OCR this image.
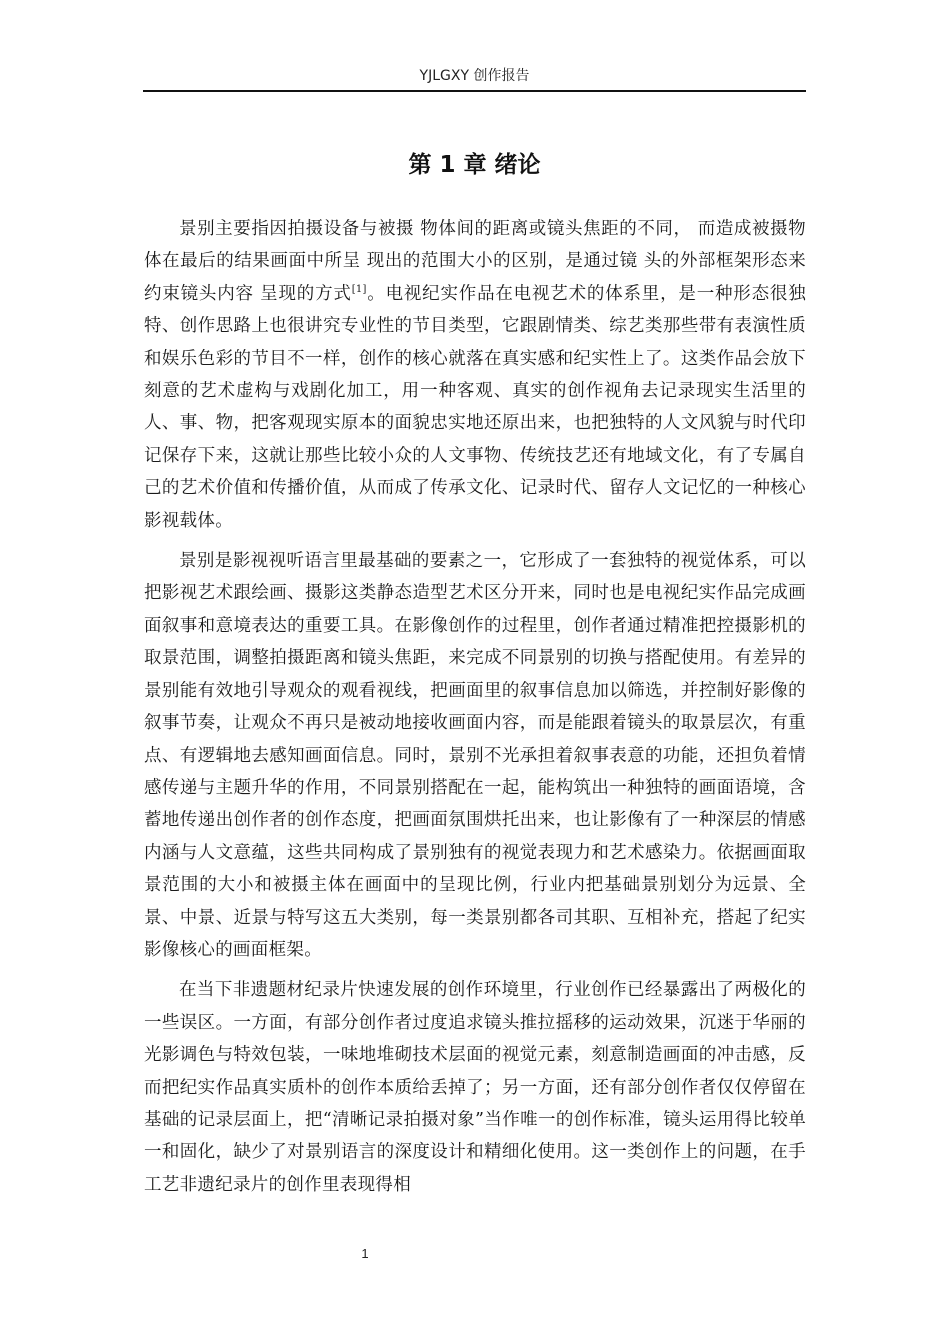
YJLGXY 创作报告
第 1 章 绪论

景别主要指因拍摄设备与被摄 物体间的距离或镜头焦距的不同， 而造成被摄物体在最后的结果画面中所呈 现出的范围大小的区别，是通过镜 头的外部框架形态来约束镜头内容 呈现的方式[1]。电视纪实作品在电视艺术的体系里，是一种形态很独特、创作思路上也很讲究专业性的节目类型，它跟剧情类、综艺类那些带有表演性质和娱乐色彩的节目不一样，创作的核心就落在真实感和纪实性上了。这类作品会放下刻意的艺术虚构与戏剧化加工，用一种客观、真实的创作视角去记录现实生活里的人、事、物，把客观现实原本的面貌忠实地还原出来，也把独特的人文风貌与时代印记保存下来，这就让那些比较小众的人文事物、传统技艺还有地域文化，有了专属自己的艺术价值和传播价值，从而成了传承文化、记录时代、留存人文记忆的一种核心影视载体。

景别是影视视听语言里最基础的要素之一，它形成了一套独特的视觉体系，可以把影视艺术跟绘画、摄影这类静态造型艺术区分开来，同时也是电视纪实作品完成画面叙事和意境表达的重要工具。在影像创作的过程里，创作者通过精准把控摄影机的取景范围，调整拍摄距离和镜头焦距，来完成不同景别的切换与搭配使用。有差异的景别能有效地引导观众的观看视线，把画面里的叙事信息加以筛选，并控制好影像的叙事节奏，让观众不再只是被动地接收画面内容，而是能跟着镜头的取景层次，有重点、有逻辑地去感知画面信息。同时，景别不光承担着叙事表意的功能，还担负着情感传递与主题升华的作用，不同景别搭配在一起，能构筑出一种独特的画面语境，含蓄地传递出创作者的创作态度，把画面氛围烘托出来，也让影像有了一种深层的情感内涵与人文意蕴，这些共同构成了景别独有的视觉表现力和艺术感染力。依据画面取景范围的大小和被摄主体在画面中的呈现比例，行业内把基础景别划分为远景、全景、中景、近景与特写这五大类别，每一类景别都各司其职、互相补充，搭起了纪实影像核心的画面框架。

在当下非遗题材纪录片快速发展的创作环境里，行业创作已经暴露出了两极化的一些误区。一方面，有部分创作者过度追求镜头推拉摇移的运动效果，沉迷于华丽的光影调色与特效包装，一味地堆砌技术层面的视觉元素，刻意制造画面的冲击感，反而把纪实作品真实质朴的创作本质给丢掉了；另一方面，还有部分创作者仅仅停留在基础的记录层面上，把“清晰记录拍摄对象”当作唯一的创作标准，镜头运用得比较单一和固化，缺少了对景别语言的深度设计和精细化使用。这一类创作上的问题，在手工艺非遗纪录片的创作里表现得相

1
